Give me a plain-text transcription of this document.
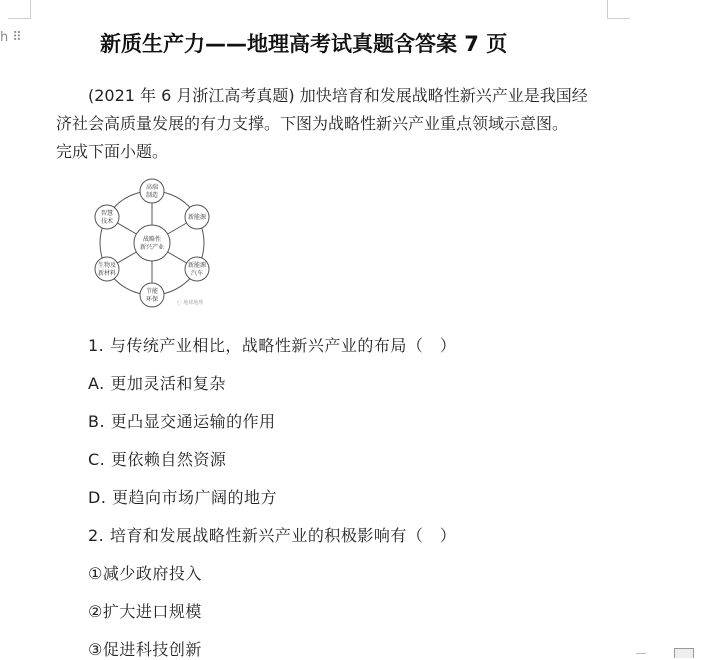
h ⠿	新质生产力——地理高考试真题含答案 7 页
(2021 年 6 月浙江高考真题) 加快培育和发展战略性新兴产业是我国经
济社会高质量发展的有力支撑。下图为战略性新兴产业重点领域示意图。
完成下面小题。
战略性
新兴产业
高端
制造
新能源
新能源
汽车
节能
环保
生物及
新材料
智慧
技术
ⓒ 地球地理
1. 与传统产业相比，战略性新兴产业的布局（　）
A. 更加灵活和复杂
B. 更凸显交通运输的作用
C. 更依赖自然资源
D. 更趋向市场广阔的地方
2. 培育和发展战略性新兴产业的积极影响有（　）
①减少政府投入
②扩大进口规模
③促进科技创新
